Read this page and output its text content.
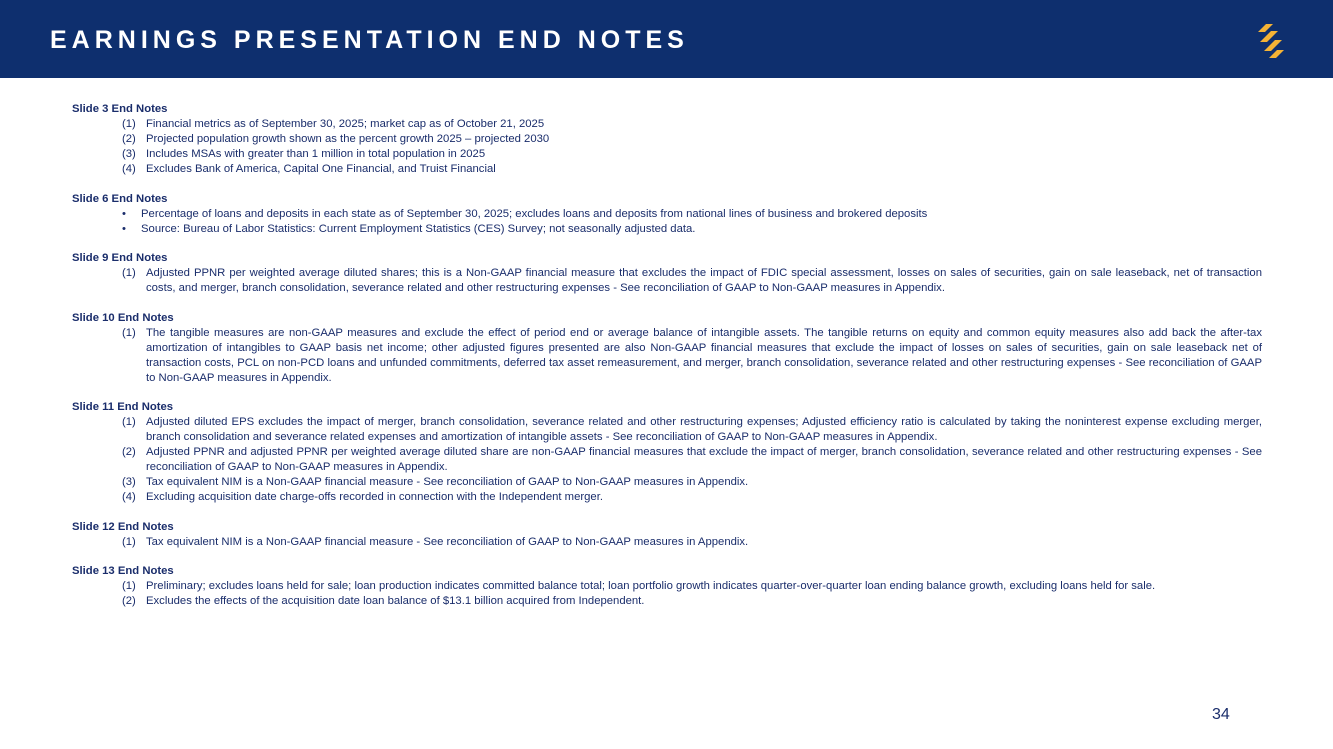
EARNINGS PRESENTATION END NOTES
Slide 3 End Notes
(1) Financial metrics as of September 30, 2025; market cap as of October 21, 2025
(2) Projected population growth shown as the percent growth 2025 – projected 2030
(3) Includes MSAs with greater than 1 million in total population in 2025
(4) Excludes Bank of America, Capital One Financial, and Truist Financial
Slide 6 End Notes
• Percentage of loans and deposits in each state as of September 30, 2025; excludes loans and deposits from national lines of business and brokered deposits
• Source: Bureau of Labor Statistics: Current Employment Statistics (CES) Survey; not seasonally adjusted data.
Slide 9 End Notes
(1) Adjusted PPNR per weighted average diluted shares; this is a Non-GAAP financial measure that excludes the impact of FDIC special assessment, losses on sales of securities, gain on sale leaseback, net of transaction costs, and merger, branch consolidation, severance related and other restructuring expenses - See reconciliation of GAAP to Non-GAAP measures in Appendix.
Slide 10 End Notes
(1) The tangible measures are non-GAAP measures and exclude the effect of period end or average balance of intangible assets. The tangible returns on equity and common equity measures also add back the after-tax amortization of intangibles to GAAP basis net income; other adjusted figures presented are also Non-GAAP financial measures that exclude the impact of losses on sales of securities, gain on sale leaseback net of transaction costs, PCL on non-PCD loans and unfunded commitments, deferred tax asset remeasurement, and merger, branch consolidation, severance related and other restructuring expenses - See reconciliation of GAAP to Non-GAAP measures in Appendix.
Slide 11 End Notes
(1) Adjusted diluted EPS excludes the impact of merger, branch consolidation, severance related and other restructuring expenses; Adjusted efficiency ratio is calculated by taking the noninterest expense excluding merger, branch consolidation and severance related expenses and amortization of intangible assets - See reconciliation of GAAP to Non-GAAP measures in Appendix.
(2) Adjusted PPNR and adjusted PPNR per weighted average diluted share are non-GAAP financial measures that exclude the impact of merger, branch consolidation, severance related and other restructuring expenses - See reconciliation of GAAP to Non-GAAP measures in Appendix.
(3) Tax equivalent NIM is a Non-GAAP financial measure - See reconciliation of GAAP to Non-GAAP measures in Appendix.
(4) Excluding acquisition date charge-offs recorded in connection with the Independent merger.
Slide 12 End Notes
(1) Tax equivalent NIM is a Non-GAAP financial measure - See reconciliation of GAAP to Non-GAAP measures in Appendix.
Slide 13 End Notes
(1) Preliminary; excludes loans held for sale; loan production indicates committed balance total; loan portfolio growth indicates quarter-over-quarter loan ending balance growth, excluding loans held for sale.
(2) Excludes the effects of the acquisition date loan balance of $13.1 billion acquired from Independent.
34
